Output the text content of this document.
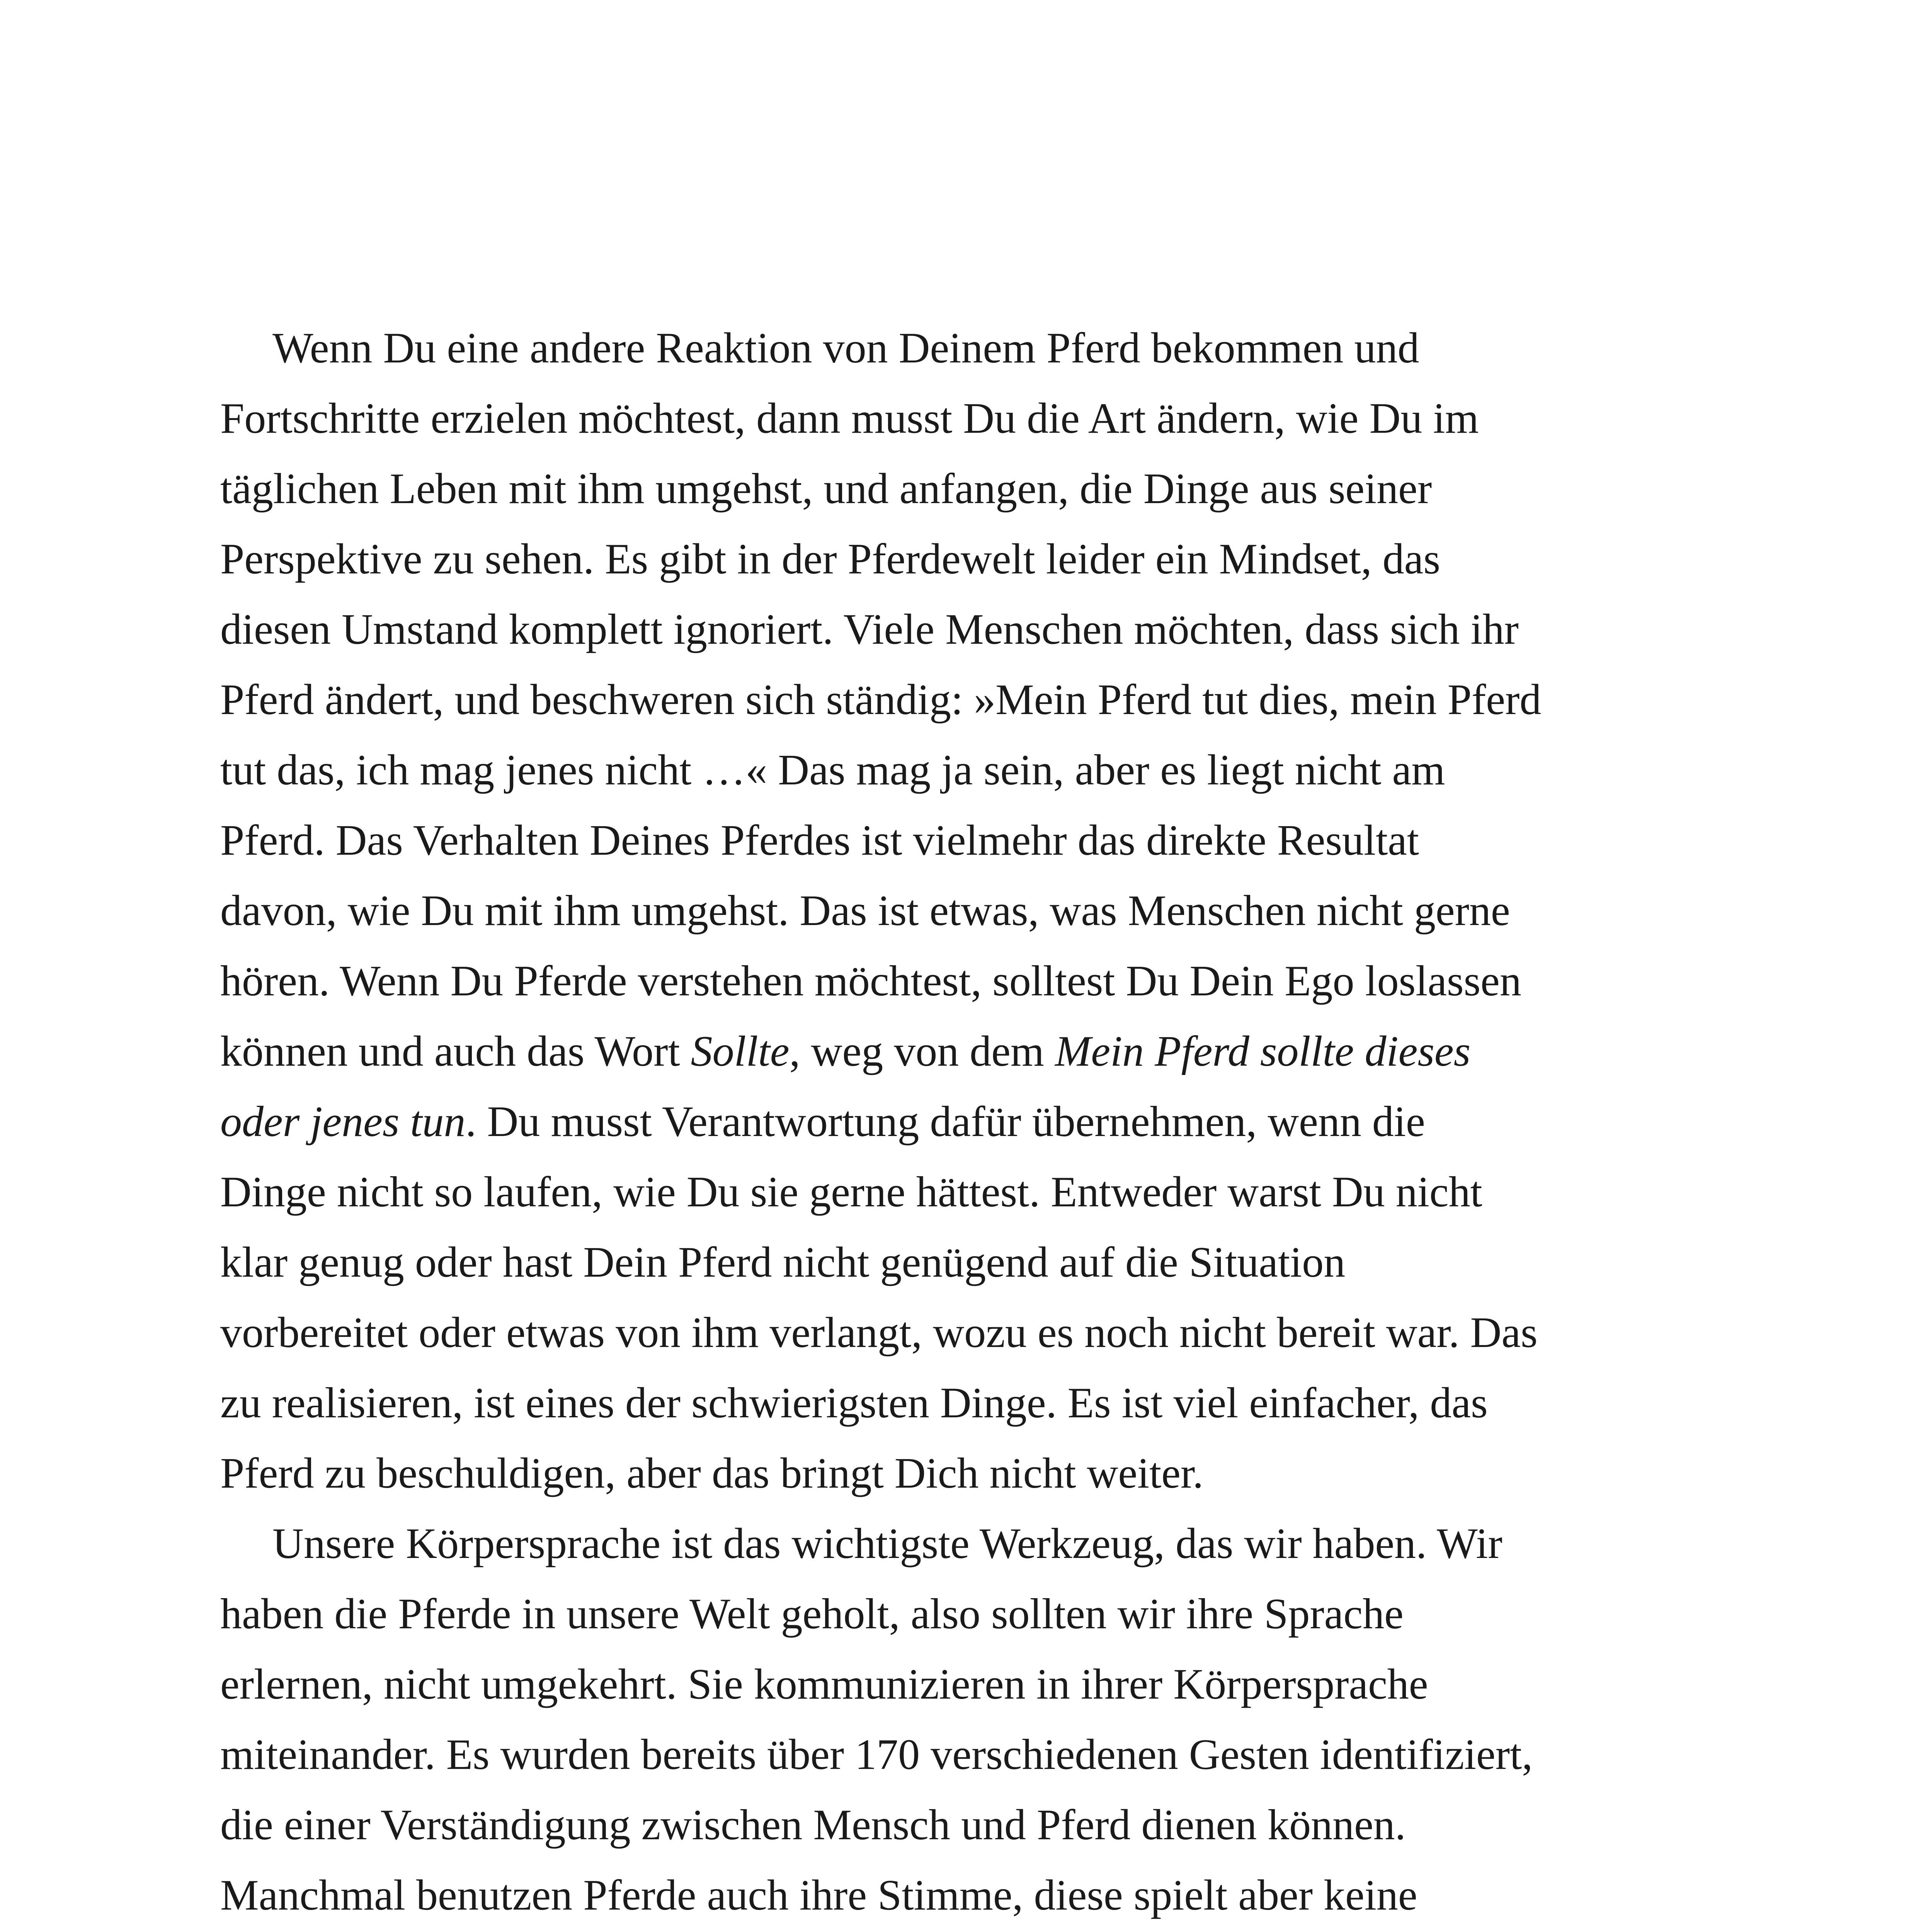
Wenn Du eine andere Reaktion von Deinem Pferd bekommen und
Fortschritte erzielen möchtest, dann musst Du die Art ändern, wie Du im
täglichen Leben mit ihm umgehst, und anfangen, die Dinge aus seiner
Perspektive zu sehen. Es gibt in der Pferdewelt leider ein Mindset, das
diesen Umstand komplett ignoriert. Viele Menschen möchten, dass sich ihr
Pferd ändert, und beschweren sich ständig: »Mein Pferd tut dies, mein Pferd
tut das, ich mag jenes nicht …« Das mag ja sein, aber es liegt nicht am
Pferd. Das Verhalten Deines Pferdes ist vielmehr das direkte Resultat
davon, wie Du mit ihm umgehst. Das ist etwas, was Menschen nicht gerne
hören. Wenn Du Pferde verstehen möchtest, solltest Du Dein Ego loslassen
können und auch das Wort Sollte, weg von dem Mein Pferd sollte dieses
oder jenes tun. Du musst Verantwortung dafür übernehmen, wenn die
Dinge nicht so laufen, wie Du sie gerne hättest. Entweder warst Du nicht
klar genug oder hast Dein Pferd nicht genügend auf die Situation
vorbereitet oder etwas von ihm verlangt, wozu es noch nicht bereit war. Das
zu realisieren, ist eines der schwierigsten Dinge. Es ist viel einfacher, das
Pferd zu beschuldigen, aber das bringt Dich nicht weiter.
Unsere Körpersprache ist das wichtigste Werkzeug, das wir haben. Wir
haben die Pferde in unsere Welt geholt, also sollten wir ihre Sprache
erlernen, nicht umgekehrt. Sie kommunizieren in ihrer Körpersprache
miteinander. Es wurden bereits über 170 verschiedenen Gesten identifiziert,
die einer Verständigung zwischen Mensch und Pferd dienen können.
Manchmal benutzen Pferde auch ihre Stimme, diese spielt aber keine
